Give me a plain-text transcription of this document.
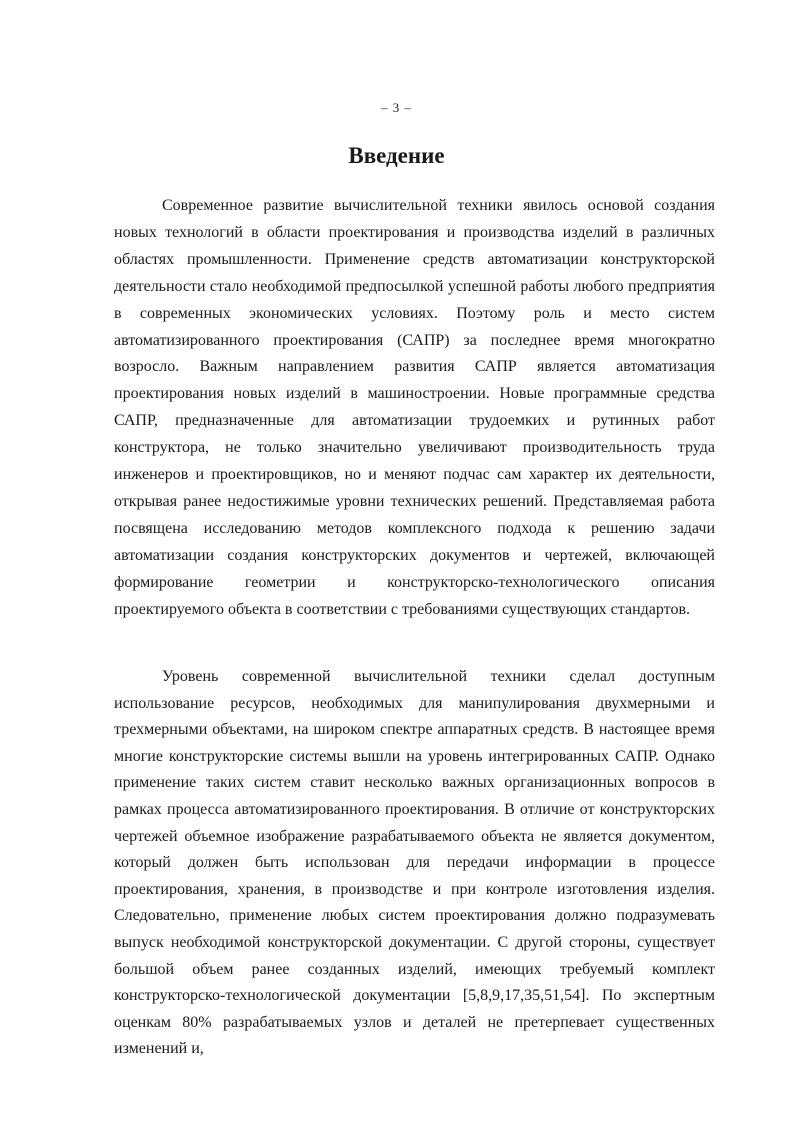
– 3 –
Введение

Современное развитие вычислительной техники явилось основой создания новых технологий в области проектирования и производства изделий в различных областях промышленности. Применение средств автоматизации конструкторской деятельности стало необходимой предпосылкой успешной работы любого предприятия в современных экономических условиях. Поэтому роль и место систем автоматизированного проектирования (САПР) за последнее время многократно возросло. Важным направлением развития САПР является автоматизация проектирования новых изделий в машиностроении. Новые программные средства САПР, предназначенные для автоматизации трудоемких и рутинных работ конструктора, не только значительно увеличивают производительность труда инженеров и проектировщиков, но и меняют подчас сам характер их деятельности, открывая ранее недостижимые уровни технических решений. Представляемая работа посвящена исследованию методов комплексного подхода к решению задачи автоматизации создания конструкторских документов и чертежей, включающей формирование геометрии и конструкторско-технологического описания проектируемого объекта в соответствии с требованиями существующих стандартов.

Уровень современной вычислительной техники сделал доступным использование ресурсов, необходимых для манипулирования двухмерными и трехмерными объектами, на широком спектре аппаратных средств. В настоящее время многие конструкторские системы вышли на уровень интегрированных САПР. Однако применение таких систем ставит несколько важных организационных вопросов в рамках процесса автоматизированного проектирования. В отличие от конструкторских чертежей объемное изображение разрабатываемого объекта не является документом, который должен быть использован для передачи информации в процессе проектирования, хранения, в производстве и при контроле изготовления изделия. Следовательно, применение любых систем проектирования должно подразумевать выпуск необходимой конструкторской документации. С другой стороны, существует большой объем ранее созданных изделий, имеющих требуемый комплект конструкторско-технологической документации [5,8,9,17,35,51,54]. По экспертным оценкам 80% разрабатываемых узлов и деталей не претерпевает существенных изменений и,
